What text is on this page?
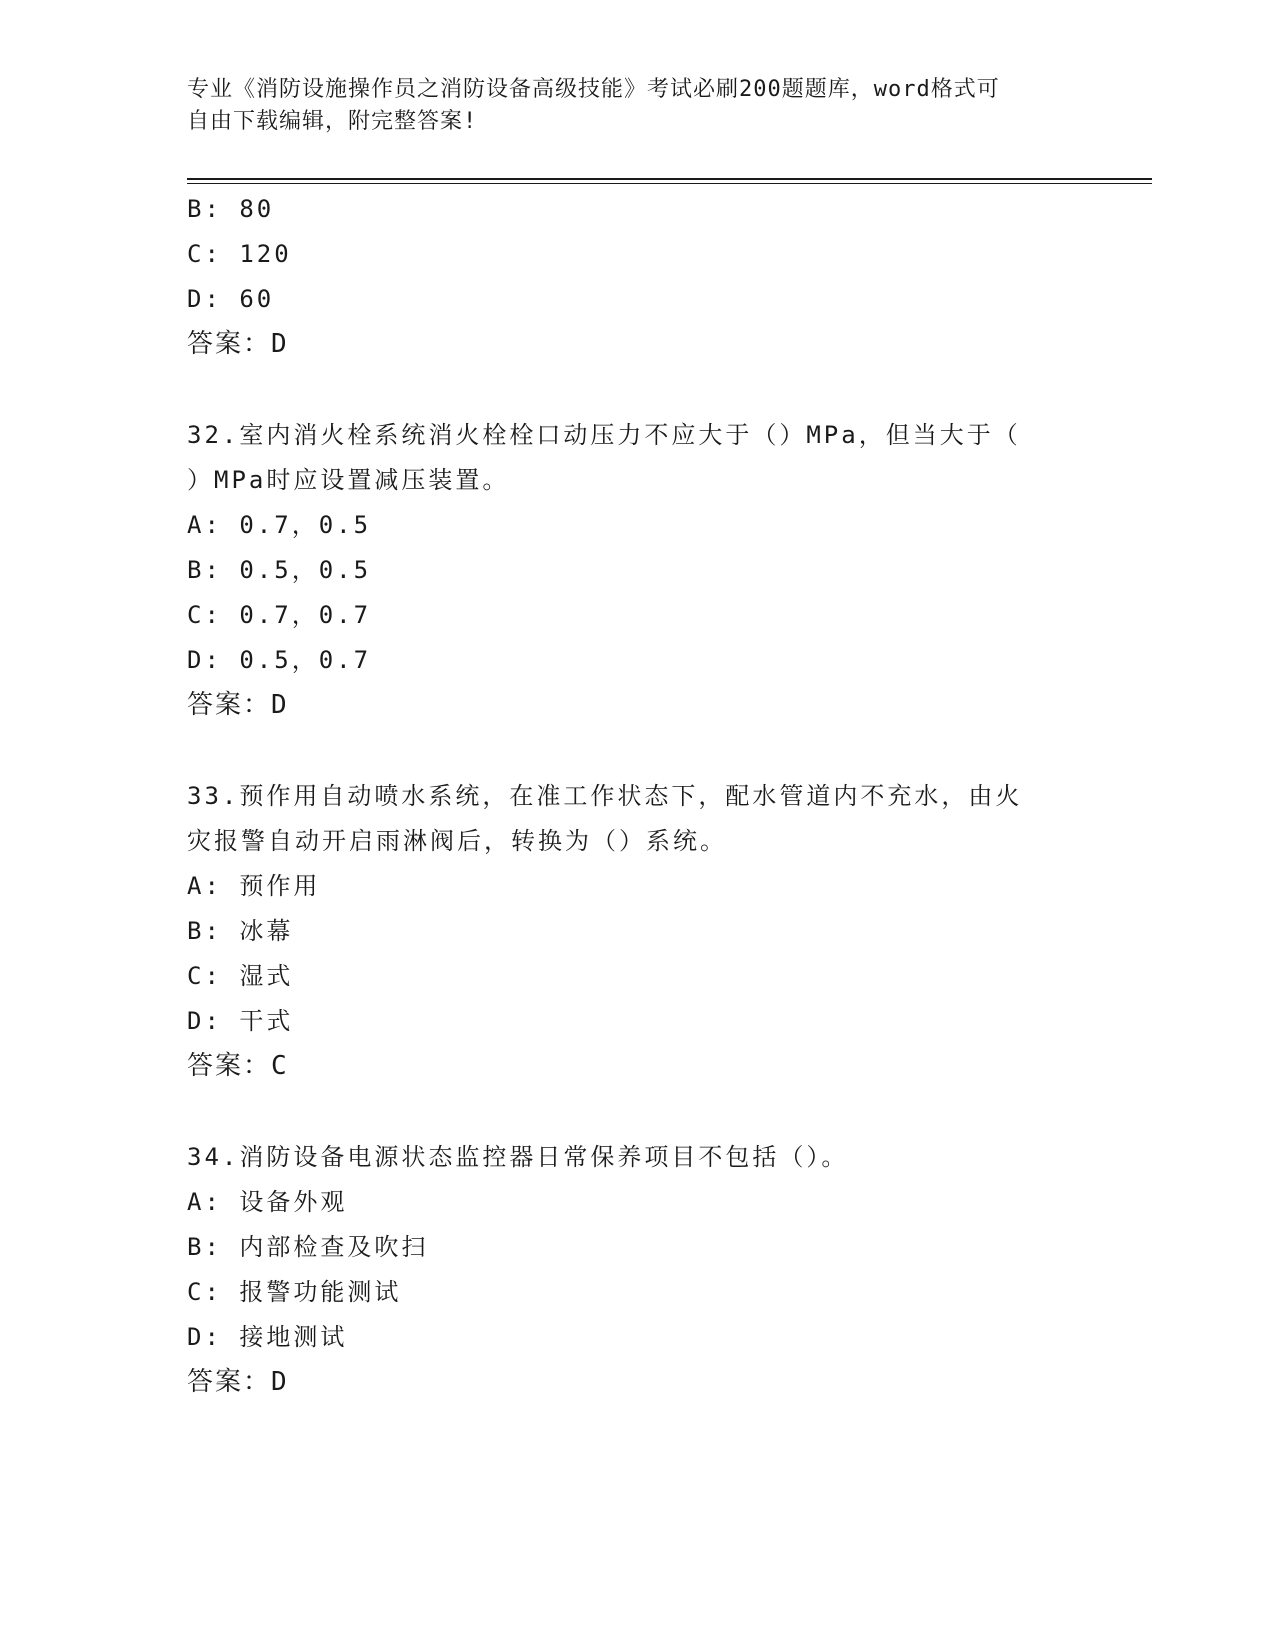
专业《消防设施操作员之消防设备高级技能》考试必刷200题题库，word格式可
自由下载编辑，附完整答案!
B: 80
C: 120
D: 60
答案：D
32.室内消火栓系统消火栓栓口动压力不应大于（）MPa，但当大于（
）MPa时应设置减压装置。
A: 0.7，0.5
B: 0.5，0.5
C: 0.7，0.7
D: 0.5，0.7
答案：D
33.预作用自动喷水系统，在准工作状态下，配水管道内不充水，由火
灾报警自动开启雨淋阀后，转换为（）系统。
A: 预作用
B: 冰幕
C: 湿式
D: 干式
答案：C
34.消防设备电源状态监控器日常保养项目不包括（）。
A: 设备外观
B: 内部检查及吹扫
C: 报警功能测试
D: 接地测试
答案：D
